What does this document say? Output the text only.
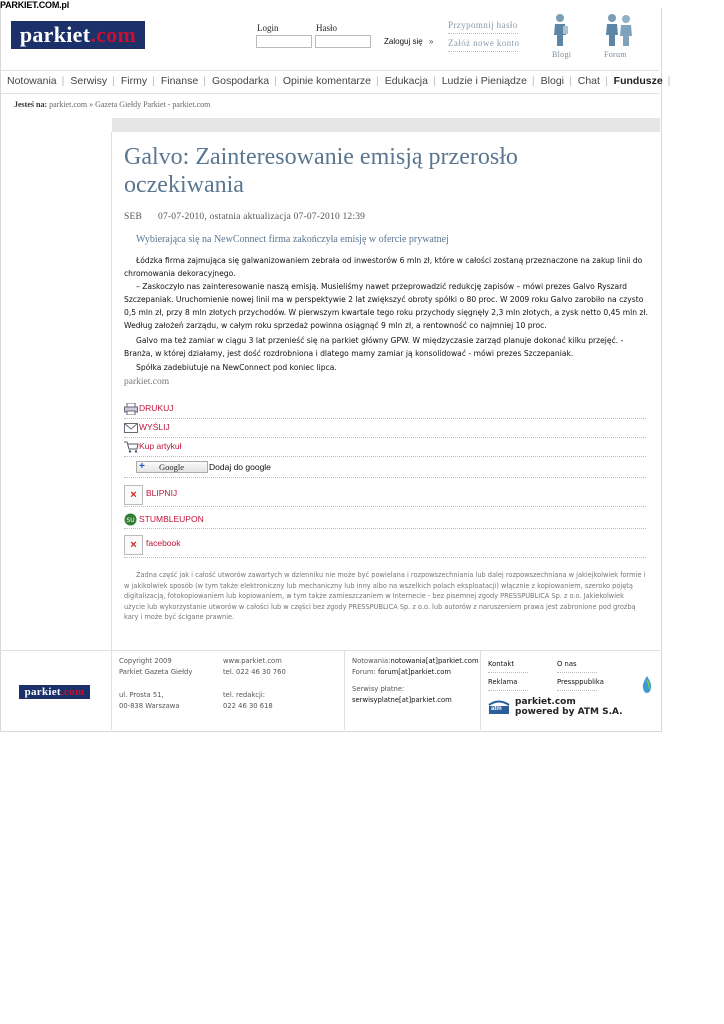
PARKIET.COM.pl
parkiet.com	Login	Hasło
Zaloguj się »
Przypomnij hasło
Załóż nowe konto
Blogi	Forum
Notowania | Serwisy | Firmy | Finanse | Gospodarka | Opinie komentarze | Edukacja | Ludzie i Pieniądze | Blogi | Chat | Fundusze |
Jesteś na: parkiet.com » Gazeta Giełdy Parkiet - parkiet.com
Galvo: Zainteresowanie emisją przerosło oczekiwania
SEB 07-07-2010, ostatnia aktualizacja 07-07-2010 12:39
Wybierająca się na NewConnect firma zakończyła emisję w ofercie prywatnej
Łódzka firma zajmująca się galwanizowaniem zebrała od inwestorów 6 mln zł, które w całości zostaną przeznaczone na zakup linii do chromowania dekoracyjnego.
– Zaskoczyło nas zainteresowanie naszą emisją. Musieliśmy nawet przeprowadzić redukcję zapisów – mówi prezes Galvo Ryszard Szczepaniak. Uruchomienie nowej linii ma w perspektywie 2 lat zwiększyć obroty spółki o 80 proc. W 2009 roku Galvo zarobiło na czysto 0,5 mln zł, przy 8 mln złotych przychodów. W pierwszym kwartale tego roku przychody sięgnęły 2,3 mln złotych, a zysk netto 0,45 mln zł. Według założeń zarządu, w całym roku sprzedaż powinna osiągnąć 9 mln zł, a rentowność co najmniej 10 proc.
Galvo ma też zamiar w ciągu 3 lat przenieść się na parkiet główny GPW. W międzyczasie zarząd planuje dokonać kilku przejęć. - Branża, w której działamy, jest dość rozdrobniona i dlatego mamy zamiar ją konsolidować - mówi prezes Szczepaniak.
Spółka zadebiutuje na NewConnect pod koniec lipca.
parkiet.com
DRUKUJ
WYŚLIJ
Kup artykuł
+ Google	Dodaj do google
×	BLIPNIJ
SU STUMBLEUPON
×	facebook
Żadna część jak i całość utworów zawartych w dzienniku nie może być powielana i rozpowszechniania lub dalej rozpowszechniana w jakiejkolwiek formie i w jakikolwiek sposób (w tym także elektroniczny lub mechaniczny lub inny albo na wszelkich polach eksploatacji) włącznie z kopiowaniem, szeroko pojętą digitalizacją, fotokopiowaniem lub kopiowaniem, w tym także zamieszczaniem w Internecie - bez pisemnej zgody PRESSPUBLICA Sp. z o.o. Jakiekolwiek użycie lub wykorzystanie utworów w całości lub w części bez zgody PRESSPUBLICA Sp. z o.o. lub autorów z naruszeniem prawa jest zabronione pod groźbą kary i może być ścigane prawnie.
parkiet.com
Copyright 2009
Parkiet Gazeta Giełdy
ul. Prosta 51,
00-838 Warszawa
www.parkiet.com
tel. 022 46 30 760
tel. redakcji:
022 46 30 618
Notowania:notowania[at]parkiet.com
Forum: forum[at]parkiet.com
Serwisy płatne:
serwisyplatne[at]parkiet.com
Kontakt	O nas
Reklama	Pressppublika
atm
parkiet.com
powered by ATM S.A.
